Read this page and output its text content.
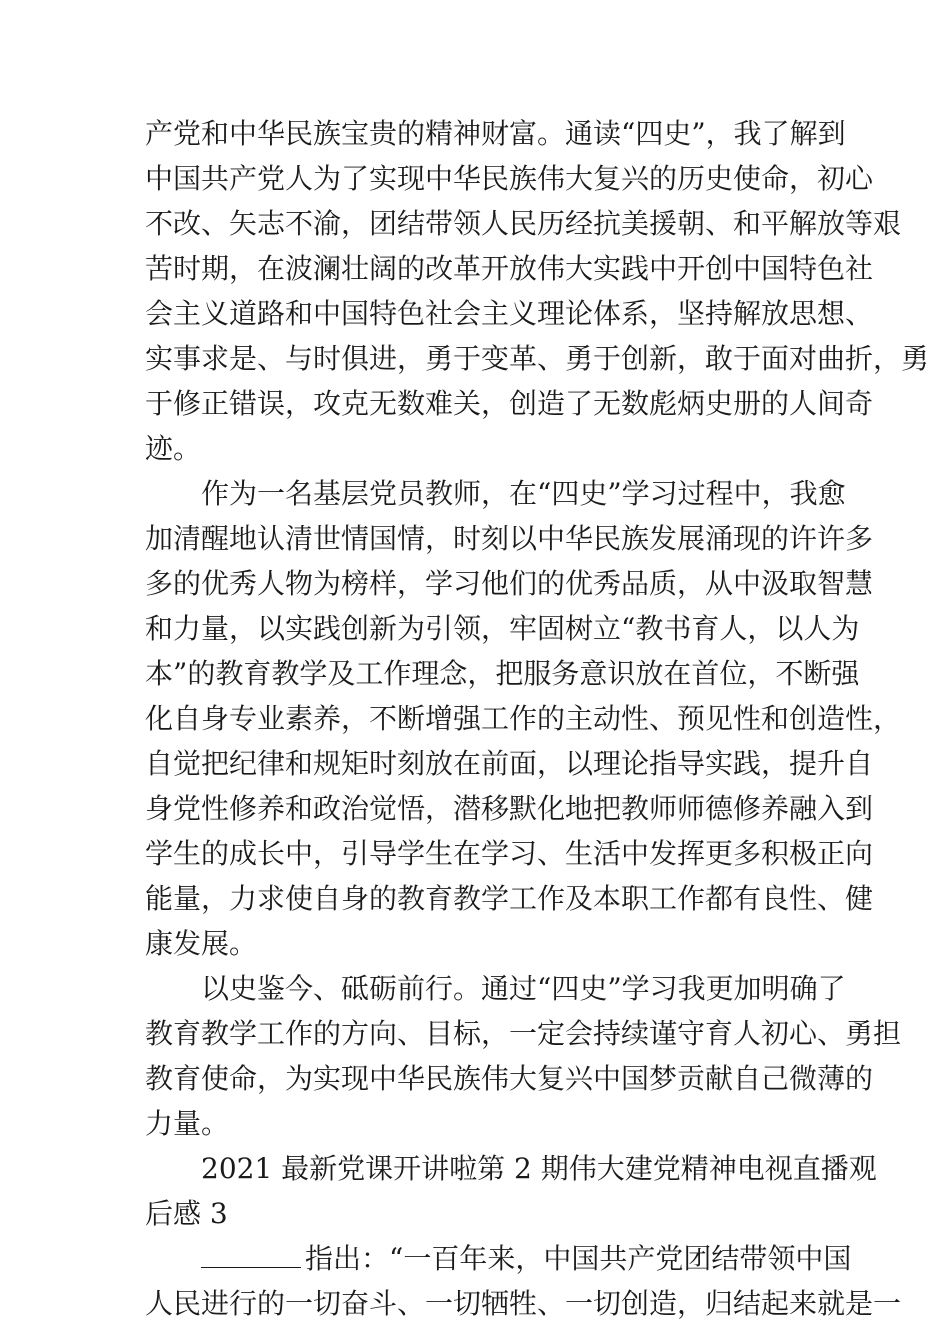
产党和中华民族宝贵的精神财富。通读“四史”，我了解到
中国共产党人为了实现中华民族伟大复兴的历史使命，初心
不改、矢志不渝，团结带领人民历经抗美援朝、和平解放等艰
苦时期，在波澜壮阔的改革开放伟大实践中开创中国特色社
会主义道路和中国特色社会主义理论体系，坚持解放思想、
实事求是、与时俱进，勇于变革、勇于创新，敢于面对曲折，勇
于修正错误，攻克无数难关，创造了无数彪炳史册的人间奇
迹。
作为一名基层党员教师，在“四史”学习过程中，我愈
加清醒地认清世情国情，时刻以中华民族发展涌现的许许多
多的优秀人物为榜样，学习他们的优秀品质，从中汲取智慧
和力量，以实践创新为引领，牢固树立“教书育人，以人为
本”的教育教学及工作理念，把服务意识放在首位，不断强
化自身专业素养，不断增强工作的主动性、预见性和创造性，
自觉把纪律和规矩时刻放在前面，以理论指导实践，提升自
身党性修养和政治觉悟，潜移默化地把教师师德修养融入到
学生的成长中，引导学生在学习、生活中发挥更多积极正向
能量，力求使自身的教育教学工作及本职工作都有良性、健
康发展。
以史鉴今、砥砺前行。通过“四史”学习我更加明确了
教育教学工作的方向、目标，一定会持续谨守育人初心、勇担
教育使命，为实现中华民族伟大复兴中国梦贡献自己微薄的
力量。
2021 最新党课开讲啦第 2 期伟大建党精神电视直播观
后感 3
指出：“一百年来，中国共产党团结带领中国
人民进行的一切奋斗、一切牺牲、一切创造，归结起来就是一
